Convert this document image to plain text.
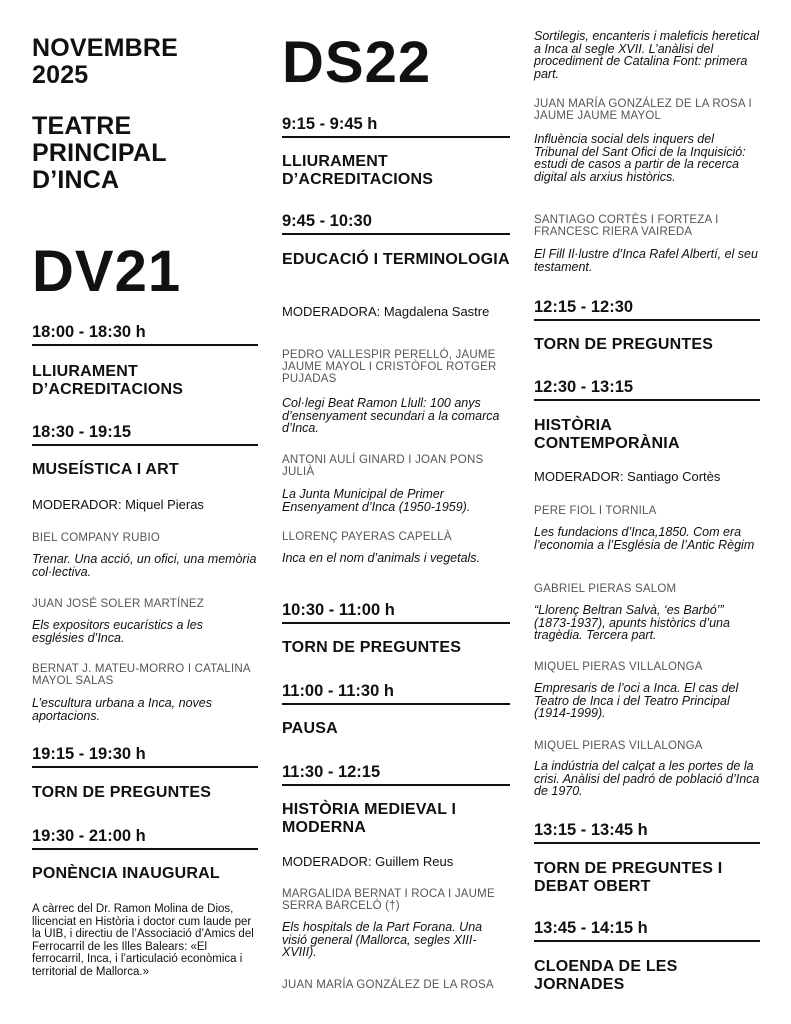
NOVEMBRE 2025
TEATRE PRINCIPAL D’INCA
DV21
18:00 - 18:30 h
LLIURAMENT D’ACREDITACIONS
18:30 - 19:15
MUSEÍSTICA I ART
MODERADOR: Miquel Pieras
BIEL COMPANY RUBIO
Trenar. Una acció, un ofici, una memòria col·lectiva.
JUAN JOSÉ SOLER MARTÍNEZ
Els expositors eucarístics a les esglésies d’Inca.
BERNAT J. MATEU-MORRO I CATALINA MAYOL SALAS
L’escultura urbana a Inca, noves aportacions.
19:15 - 19:30 h
TORN DE PREGUNTES
19:30 - 21:00 h
PONÈNCIA INAUGURAL
A càrrec del Dr. Ramon Molina de Dios, llicenciat en Història i doctor cum laude per la UIB, i directiu de l’Associació d’Amics del Ferrocarril de les Illes Balears: «El ferrocarril, Inca, i l’articulació econòmica i territorial de Mallorca.»
DS22
9:15 - 9:45 h
LLIURAMENT D’ACREDITACIONS
9:45 - 10:30
EDUCACIÓ I TERMINOLOGIA
MODERADORA: Magdalena Sastre
PEDRO VALLESPIR PERELLÓ, JAUME JAUME MAYOL I CRISTÒFOL ROTGER PUJADAS
Col·legi Beat Ramon Llull: 100 anys d’ensenyament secundari a la comarca d’Inca.
ANTONI AULÍ GINARD I JOAN PONS JULIÀ
La Junta Municipal de Primer Ensenyament d’Inca (1950-1959).
LLORENÇ PAYERAS CAPELLÀ
Inca en el nom d’animals i vegetals.
10:30 - 11:00 h
TORN DE PREGUNTES
11:00 - 11:30 h
PAUSA
11:30 - 12:15
HISTÒRIA MEDIEVAL I MODERNA
MODERADOR: Guillem Reus
MARGALIDA BERNAT I ROCA I JAUME SERRA BARCELÓ (†)
Els hospitals de la Part Forana. Una visió general (Mallorca, segles XIII-XVIII).
JUAN MARÍA GONZÁLEZ DE LA ROSA
Sortilegis, encanteris i maleficis heretical a Inca al segle XVII. L’anàlisi del procediment de Catalina Font: primera part.
JUAN MARÍA GONZÁLEZ DE LA ROSA I JAUME JAUME MAYOL
Influència social dels inquers del Tribunal del Sant Ofici de la Inquisició: estudi de casos a partir de la recerca digital als arxius històrics.
SANTIAGO CORTÈS I FORTEZA I FRANCESC RIERA VAIREDA
El Fill Il·lustre d’Inca Rafel Albertí, el seu testament.
12:15 - 12:30
TORN DE PREGUNTES
12:30 - 13:15
HISTÒRIA CONTEMPORÀNIA
MODERADOR: Santiago Cortès
PERE FIOL I TORNILA
Les fundacions d’Inca,1850. Com era l’economia a l’Església de l’Antic Règim
GABRIEL PIERAS SALOM
“Llorenç Beltran Salvà, ‘es Barbó’” (1873-1937), apunts històrics d’una tragèdia. Tercera part.
MIQUEL PIERAS VILLALONGA
Empresaris de l’oci a Inca. El cas del Teatro de Inca i del Teatro Principal (1914-1999).
MIQUEL PIERAS VILLALONGA
La indústria del calçat a les portes de la crisi. Anàlisi del padró de població d’Inca de 1970.
13:15 - 13:45 h
TORN DE PREGUNTES I DEBAT OBERT
13:45 - 14:15 h
CLOENDA DE LES JORNADES
